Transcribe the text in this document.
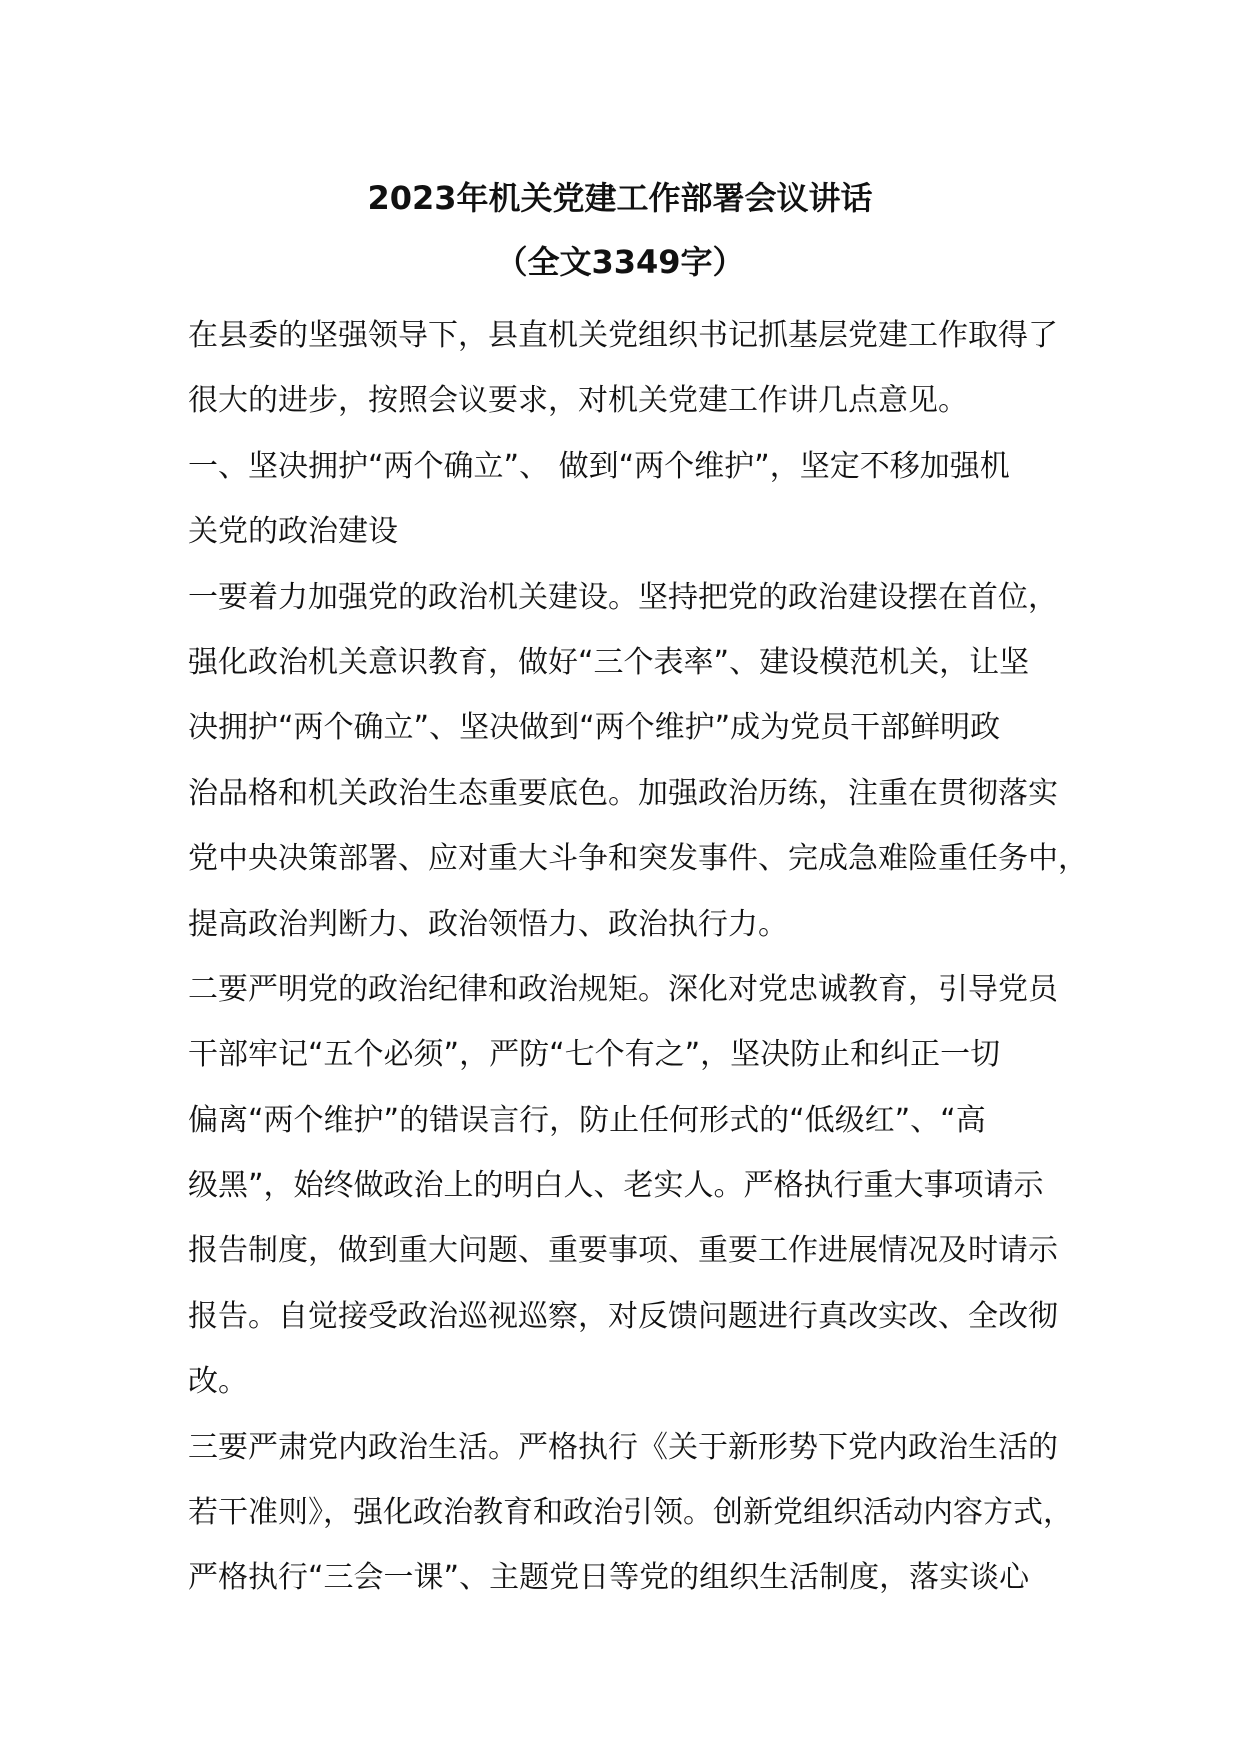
2023年机关党建工作部署会议讲话
（全文3349字）
在县委的坚强领导下，县直机关党组织书记抓基层党建工作取得了
很大的进步，按照会议要求，对机关党建工作讲几点意见。
一、坚决拥护“两个确立”、 做到“两个维护”，坚定不移加强机
关党的政治建设
一要着力加强党的政治机关建设。坚持把党的政治建设摆在首位，
强化政治机关意识教育，做好“三个表率”、建设模范机关，让坚
决拥护“两个确立”、坚决做到“两个维护”成为党员干部鲜明政
治品格和机关政治生态重要底色。加强政治历练，注重在贯彻落实
党中央决策部署、应对重大斗争和突发事件、完成急难险重任务中，
提高政治判断力、政治领悟力、政治执行力。
二要严明党的政治纪律和政治规矩。深化对党忠诚教育，引导党员
干部牢记“五个必须”，严防“七个有之”，坚决防止和纠正一切
偏离“两个维护”的错误言行，防止任何形式的“低级红”、“高
级黑”，始终做政治上的明白人、老实人。严格执行重大事项请示
报告制度，做到重大问题、重要事项、重要工作进展情况及时请示
报告。自觉接受政治巡视巡察，对反馈问题进行真改实改、全改彻
改。
三要严肃党内政治生活。严格执行《关于新形势下党内政治生活的
若干准则》，强化政治教育和政治引领。创新党组织活动内容方式，
严格执行“三会一课”、主题党日等党的组织生活制度，落实谈心
